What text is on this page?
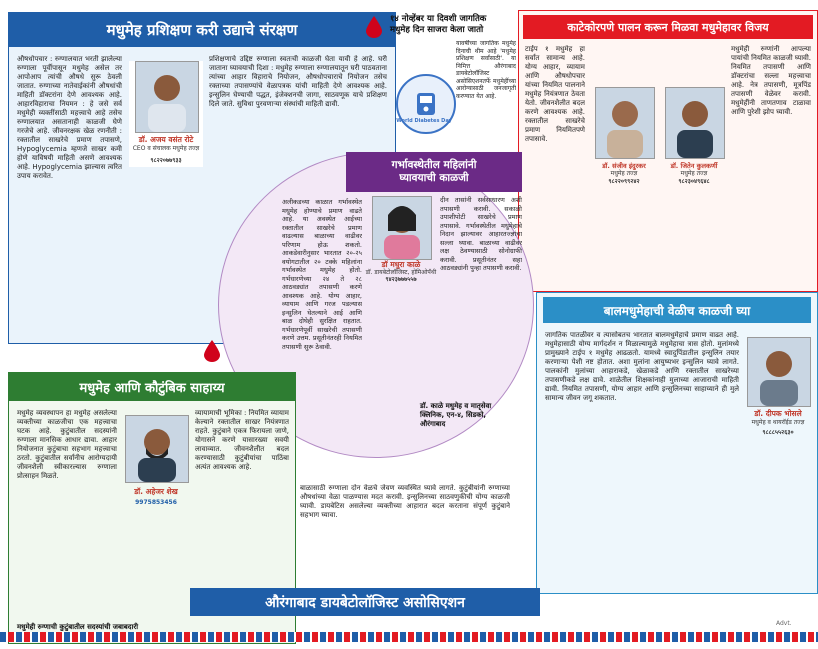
मधुमेह प्रशिक्षण करी उद्याचे संरक्षण
औषधोपचार : रुग्णालयात भरती झालेल्या रुग्णाला पूर्वीपासून मधुमेह असेल तर आपोआप त्यांची औषधे सुरू ठेवली जातात. रुग्णाच्या नातेवाईकांनी औषधांची माहिती डॉक्टरांना देणे आवश्यक आहे. आहारविहाराचा नियमन : हे जसे सर्व मधुमेही व्यक्तींसाठी महत्त्वाचे आहे तसेच रुग्णालयात असतानाही काळजी घेणे गरजेचे आहे. जीवनरक्षक खेळ रणनीती : रक्तातील साखरेचे प्रमाण तपासणे, Hypoglycemia म्हणजे साखर कमी होणे याविषयी माहिती असणे आवश्यक आहे. Hypoglycemia झाल्यास त्वरित उपाय करावेत.
डॉ. अजय वसंत रोटे
CEO व संचालक मधुमेह तज्ज्ञ
९८२२०७७९३३
प्रशिक्षणाचे उद्दिष्ट रुग्णाला स्वतःची काळजी घेता यावी हे आहे. घरी जाताना घ्यावयाची दिशा : मधुमेह रुग्णाला रुग्णालयातून घरी पाठवताना त्यांच्या आहार विहाराचे नियोजन, औषधोपचाराचे नियोजन तसेच रक्ताच्या तपासण्यांचे वेळापत्रक यांची माहिती देणे आवश्यक आहे. इन्सुलिन घेण्याची पद्धत, इंजेक्शनची जागा, साठवणूक याचे प्रशिक्षण दिले जाते. सुविधा पुरवणाऱ्या संस्थांची माहिती द्यावी.
१४ नोव्हेंबर या दिवशी जागतिक
मधुमेह दिन साजरा केला जातो
World Diabetes Day
यावर्षीच्या जागतिक मधुमेह दिनाची थीम आहे 'मधुमेह प्रशिक्षण सर्वांसाठी'. या निमित्त औरंगाबाद डायबेटोलॉजिस्ट असोसिएशनतर्फे मधुमेहींच्या आरोग्यासाठी जनजागृती करण्यात येत आहे.
काटेकोरपणे पालन करून मिळवा मधुमेहावर विजय
टाईप १ मधुमेह हा सर्वांत सामान्य आहे. योग्य आहार, व्यायाम आणि औषधोपचार यांच्या नियमित पालनाने मधुमेह नियंत्रणात ठेवता येतो. जीवनशैलीत बदल करणे आवश्यक आहे. रक्तातील साखरेचे प्रमाण नियमितपणे तपासावे.
डॉ. संजीव इंदुरकर
मधुमेह तज्ज्ञ
९८२२०९९२४२
डॉ. जितेन कुलकर्णी
मधुमेह तज्ज्ञ
९८२३०४९६४८
मधुमेही रुग्णांनी आपल्या पायांची नियमित काळजी घ्यावी. नियमित तपासणी आणि डॉक्टरांचा सल्ला महत्त्वाचा आहे. नेत्र तपासणी, मूत्रपिंड तपासणी वेळेवर करावी. मधुमेहींनी ताणतणाव टाळावा आणि पुरेशी झोप घ्यावी.
गर्भावस्थेतील महिलांनी
घ्यावयाची काळजी
अलीकडच्या काळात गर्भावस्थेत मधुमेह होण्याचे प्रमाण वाढते आहे. या अवस्थेत आईच्या रक्तातील साखरेचे प्रमाण वाढल्यास बाळाच्या वाढीवर परिणाम होऊ शकतो. आकडेवारीनुसार भारतात २०-२५ वयोगटातील २० टक्के महिलांना गर्भावस्थेत मधुमेह होतो. गर्भधारणेच्या २४ ते २८ आठवड्यांत तपासणी करणे आवश्यक आहे. योग्य आहार, व्यायाम आणि गरज पडल्यास इन्सुलिन घेतल्याने आई आणि बाळ दोघेही सुरक्षित राहतात. गर्भधारणेपूर्वी साखरेची तपासणी करणे उत्तम. प्रसूतीनंतरही नियमित तपासणी सुरू ठेवावी.
डॉ मधुरा काळे
डॉ. डायबेटोलॉजिस्ट, होमिओपॅथी
९४२३७७७५५७
दीन तासांनी सर्वसाधारण अशी तपासणी करावी. सकाळी उपाशीपोटी साखरेचे प्रमाण तपासावे. गर्भावस्थेतील मधुमेहाचे निदान झाल्यावर आहारतज्ज्ञांचा सल्ला घ्यावा. बाळाच्या वाढीवर लक्ष ठेवण्यासाठी सोनोग्राफी करावी. प्रसूतीनंतर सहा आठवड्यांनी पुन्हा तपासणी करावी.
डॉ. काळे मधुमेह व मातृसेवा क्लिनिक, एन-४, सिडको, औरंगाबाद
मधुमेह आणि कौटुंबिक साहाय्य
मधुमेह व्यवस्थापन हा मधुमेह असलेल्या व्यक्तीच्या काळजीचा एक महत्त्वाचा घटक आहे. कुटुंबातील सदस्यांनी रुग्णाला मानसिक आधार द्यावा. आहार नियोजनात कुटुंबाचा सहभाग महत्त्वाचा ठरतो. कुटुंबातील सर्वांनीच आरोग्यदायी जीवनशैली स्वीकारल्यास रुग्णाला प्रोत्साहन मिळते.
डॉ. अहेजर शेख
9975853456
व्यायामाची भूमिका : नियमित व्यायाम केल्याने रक्तातील साखर नियंत्रणात राहते. कुटुंबाने एकत्र फिरायला जाणे, योगासने करणे यासारख्या सवयी लावाव्यात. जीवनशैलीत बदल करण्यासाठी कुटुंबीयांचा पाठिंबा अत्यंत आवश्यक आहे.
मधुमेही रुग्णाची कुटुंबातील सदस्यांची जबाबदारी
बाळासाठी रुग्णाला दोन वेळचे जेवण व्यवस्थित घ्यावे लागते. कुटुंबीयांनी रुग्णाच्या औषधांच्या वेळा पाळण्यास मदत करावी. इन्सुलिनच्या साठवणुकीची योग्य काळजी घ्यावी. डायबेटिस असलेल्या व्यक्तीच्या आहारात बदल करताना संपूर्ण कुटुंबाने सहभाग घ्यावा.
बालमधुमेहाची वेळीच काळजी घ्या
जागतिक पातळीवर व त्यासोबतच भारतात बालमधुमेहाचे प्रमाण वाढत आहे. मधुमेहासाठी योग्य मार्गदर्शन न मिळाल्यामुळे मधुमेहाचा त्रास होतो. मुलांमध्ये प्रामुख्याने टाईप १ मधुमेह आढळतो. यामध्ये स्वादुपिंडातील इन्सुलिन तयार करणाऱ्या पेशी नष्ट होतात. अशा मुलांना आयुष्यभर इन्सुलिन घ्यावे लागते. पालकांनी मुलांच्या आहाराकडे, खेळाकडे आणि रक्तातील साखरेच्या तपासणीकडे लक्ष द्यावे. शाळेतील शिक्षकांनाही मुलाच्या आजाराची माहिती द्यावी. नियमित तपासणी, योग्य आहार आणि इन्सुलिनच्या साहाय्याने ही मुले सामान्य जीवन जगू शकतात.
डॉ. दीपक भोसले
मधुमेह व थायरॉईड तज्ज्ञ
९८८८५५२६३०
औरंगाबाद डायबेटोलॉजिस्ट असोसिएशन
Advt.
